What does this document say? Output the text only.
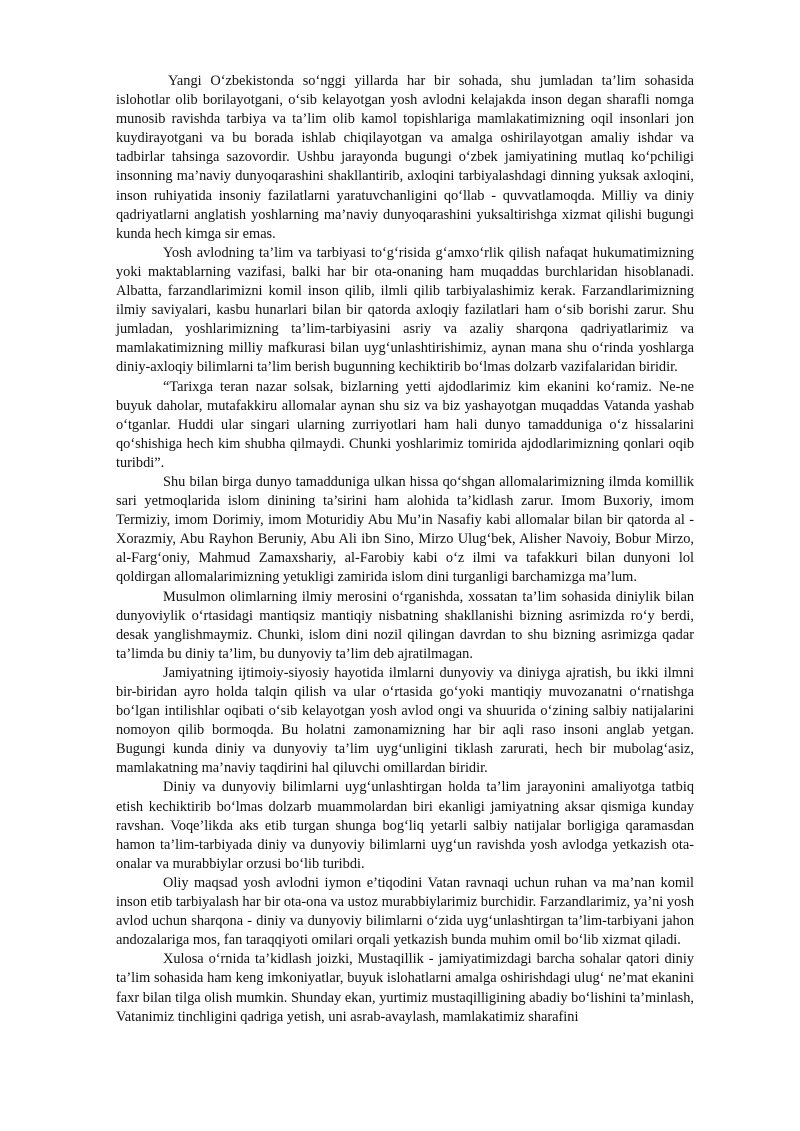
Yangi O‘zbekistonda so‘nggi yillarda har bir sohada, shu jumladan ta’lim sohasida islohotlar olib borilayotgani, o‘sib kelayotgan yosh avlodni kelajakda inson degan sharafli nomga munosib ravishda tarbiya va ta’lim olib kamol topishlariga mamlakatimizning oqil insonlari jon kuydirayotgani va bu borada ishlab chiqilayotgan va amalga oshirilayotgan amaliy ishdar va tadbirlar tahsinga sazovordir. Ushbu jarayonda bugungi o‘zbek jamiyatining mutlaq ko‘pchiligi insonning ma’naviy dunyoqarashini shakllantirib, axloqini tarbiyalashdagi dinning yuksak axloqini, inson ruhiyatida insoniy fazilatlarni yaratuvchanligini qo‘llab - quvvatlamoqda. Milliy va diniy qadriyatlarni anglatish yoshlarning ma’naviy dunyoqarashini yuksaltirishga xizmat qilishi bugungi kunda hech kimga sir emas.

Yosh avlodning ta’lim va tarbiyasi to‘g‘risida g‘amxo‘rlik qilish nafaqat hukumatimizning yoki maktablarning vazifasi, balki har bir ota-onaning ham muqaddas burchlaridan hisoblanadi. Albatta, farzandlarimizni komil inson qilib, ilmli qilib tarbiyalashimiz kerak. Farzandlarimizning ilmiy saviyalari, kasbu hunarlari bilan bir qatorda axloqiy fazilatlari ham o‘sib borishi zarur. Shu jumladan, yoshlarimizning ta’lim-tarbiyasini asriy va azaliy sharqona qadriyatlarimiz va mamlakatimizning milliy mafkurasi bilan uyg‘unlashtirishimiz, aynan mana shu o‘rinda yoshlarga diniy-axloqiy bilimlarni ta’lim berish bugunning kechiktirib bo‘lmas dolzarb vazifalaridan biridir.

“Tarixga teran nazar solsak, bizlarning yetti ajdodlarimiz kim ekanini ko‘ramiz. Ne-ne buyuk daholar, mutafakkiru allomalar aynan shu siz va biz yashayotgan muqaddas Vatanda yashab o‘tganlar. Huddi ular singari ularning zurriyotlari ham hali dunyo tamadduniga o‘z hissalarini qo‘shishiga hech kim shubha qilmaydi. Chunki yoshlarimiz tomirida ajdodlarimizning qonlari oqib turibdi”.

Shu bilan birga dunyo tamadduniga ulkan hissa qo‘shgan allomalarimizning ilmda komillik sari yetmoqlarida islom dinining ta’sirini ham alohida ta’kidlash zarur. Imom Buxoriy, imom Termiziy, imom Dorimiy, imom Moturidiy Abu Mu’in Nasafiy kabi allomalar bilan bir qatorda al -Xorazmiy, Abu Rayhon Beruniy, Abu Ali ibn Sino, Mirzo Ulug‘bek, Alisher Navoiy, Bobur Mirzo, al-Farg‘oniy, Mahmud Zamaxshariy, al-Farobiy kabi o‘z ilmi va tafakkuri bilan dunyoni lol qoldirgan allomalarimizning yetukligi zamirida islom dini turganligi barchamizga ma’lum.

Musulmon olimlarning ilmiy merosini o‘rganishda, xossatan ta’lim sohasida diniylik bilan dunyoviylik o‘rtasidagi mantiqsiz mantiqiy nisbatning shakllanishi bizning asrimizda ro‘y berdi, desak yanglishmaymiz. Chunki, islom dini nozil qilingan davrdan to shu bizning asrimizga qadar ta’limda bu diniy ta’lim, bu dunyoviy ta’lim deb ajratilmagan.

Jamiyatning ijtimoiy-siyosiy hayotida ilmlarni dunyoviy va diniyga ajratish, bu ikki ilmni bir-biridan ayro holda talqin qilish va ular o‘rtasida go‘yoki mantiqiy muvozanatni o‘rnatishga bo‘lgan intilishlar oqibati o‘sib kelayotgan yosh avlod ongi va shuurida o‘zining salbiy natijalarini nomoyon qilib bormoqda. Bu holatni zamonamizning har bir aqli raso insoni anglab yetgan. Bugungi kunda diniy va dunyoviy ta’lim uyg‘unligini tiklash zarurati, hech bir mubolag‘asiz, mamlakatning ma’naviy taqdirini hal qiluvchi omillardan biridir.

Diniy va dunyoviy bilimlarni uyg‘unlashtirgan holda ta’lim jarayonini amaliyotga tatbiq etish kechiktirib bo‘lmas dolzarb muammolardan biri ekanligi jamiyatning aksar qismiga kunday ravshan. Voqe’likda aks etib turgan shunga bog‘liq yetarli salbiy natijalar borligiga qaramasdan hamon ta’lim-tarbiyada diniy va dunyoviy bilimlarni uyg‘un ravishda yosh avlodga yetkazish ota-onalar va murabbiylar orzusi bo‘lib turibdi.

Oliy maqsad yosh avlodni iymon e’tiqodini Vatan ravnaqi uchun ruhan va ma’nan komil inson etib tarbiyalash har bir ota-ona va ustoz murabbiylarimiz burchidir. Farzandlarimiz, ya’ni yosh avlod uchun sharqona - diniy va dunyoviy bilimlarni o‘zida uyg‘unlashtirgan ta’lim-tarbiyani jahon andozalariga mos, fan taraqqiyoti omilari orqali yetkazish bunda muhim omil bo‘lib xizmat qiladi.

Xulosa o‘rnida ta’kidlash joizki, Mustaqillik - jamiyatimizdagi barcha sohalar qatori diniy ta’lim sohasida ham keng imkoniyatlar, buyuk islohatlarni amalga oshirishdagi ulug‘ ne’mat ekanini faxr bilan tilga olish mumkin. Shunday ekan, yurtimiz mustaqilligining abadiy bo‘lishini ta’minlash, Vatanimiz tinchligini qadriga yetish, uni asrab-avaylash, mamlakatimiz sharafini
